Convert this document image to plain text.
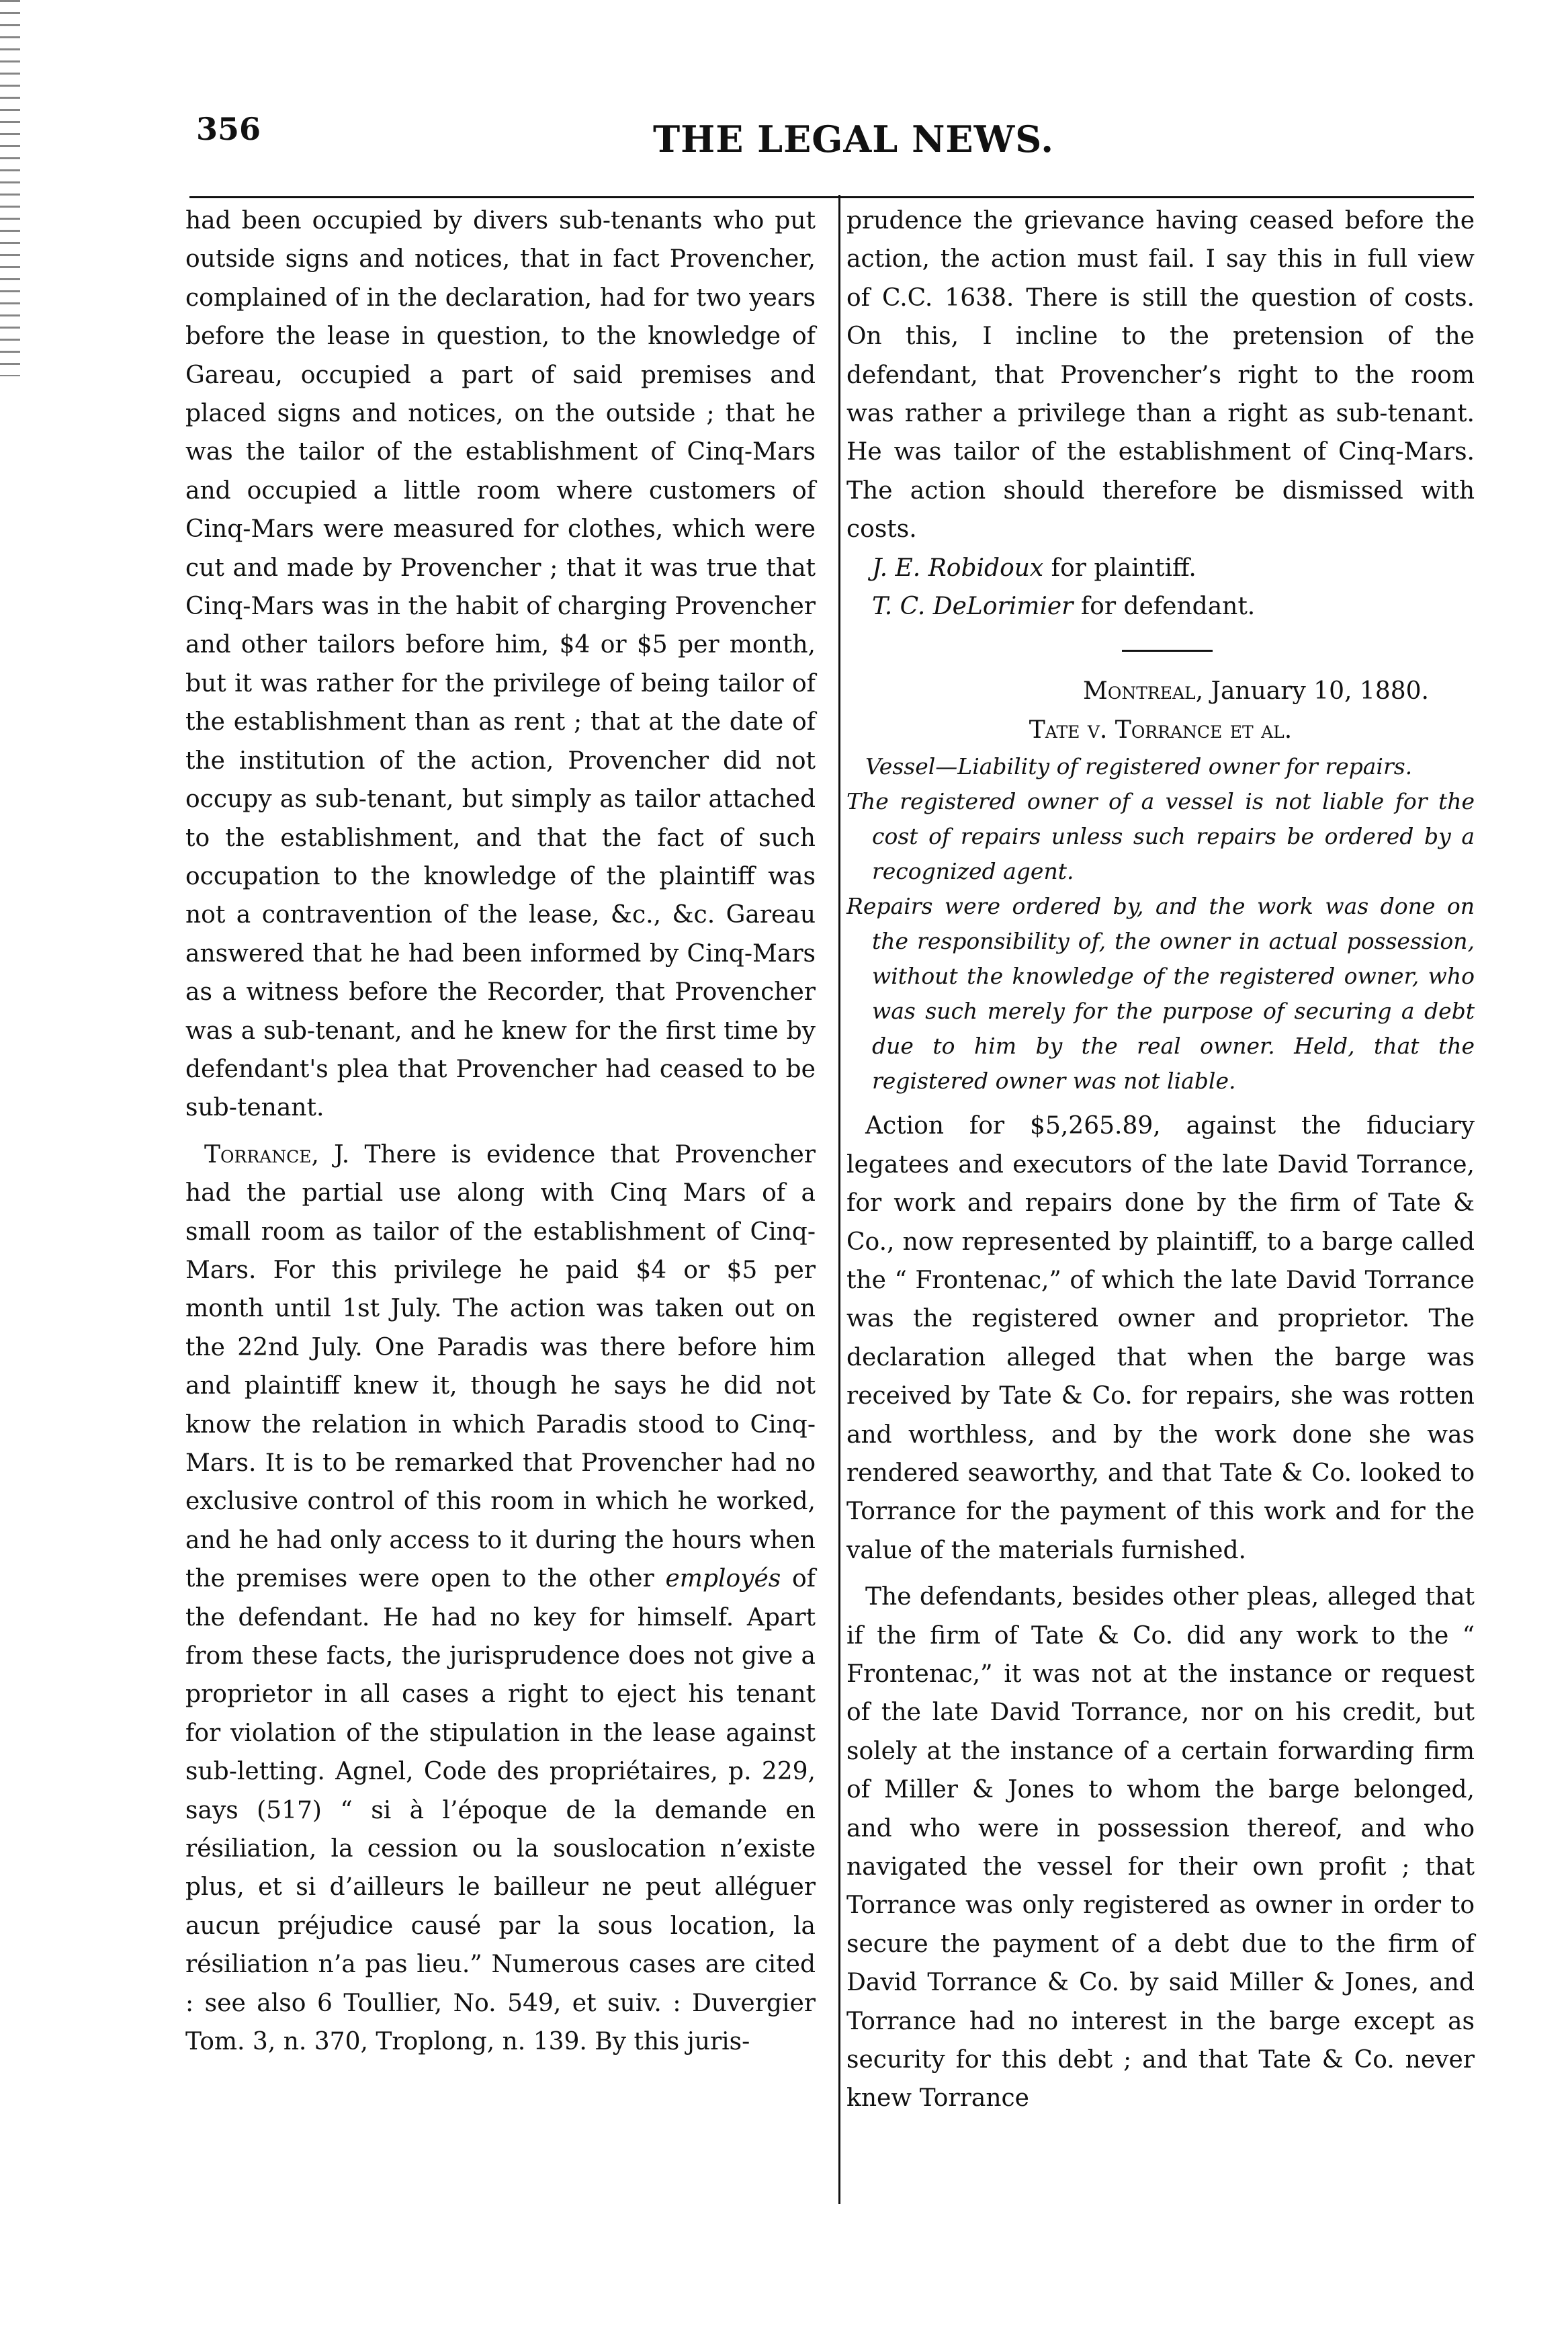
356	THE LEGAL NEWS.

had been occupied by divers sub-tenants who put outside signs and notices, that in fact Provencher, complained of in the declaration, had for two years before the lease in question, to the knowledge of Gareau, occupied a part of said premises and placed signs and notices, on the outside ; that he was the tailor of the establishment of Cinq-Mars and occupied a little room where customers of Cinq-Mars were measured for clothes, which were cut and made by Provencher ; that it was true that Cinq-Mars was in the habit of charging Provencher and other tailors before him, $4 or $5 per month, but it was rather for the privilege of being tailor of the establishment than as rent ; that at the date of the institution of the action, Provencher did not occupy as sub-tenant, but simply as tailor attached to the establishment, and that the fact of such occupation to the knowledge of the plaintiff was not a contravention of the lease, &c., &c. Gareau answered that he had been informed by Cinq-Mars as a witness before the Recorder, that Provencher was a sub-tenant, and he knew for the first time by defendant's plea that Provencher had ceased to be sub-tenant.

Torrance, J. There is evidence that Provencher had the partial use along with Cinq Mars of a small room as tailor of the establishment of Cinq-Mars. For this privilege he paid $4 or $5 per month until 1st July. The action was taken out on the 22nd July. One Paradis was there before him and plaintiff knew it, though he says he did not know the relation in which Paradis stood to Cinq-Mars. It is to be remarked that Provencher had no exclusive control of this room in which he worked, and he had only access to it during the hours when the premises were open to the other employés of the defendant. He had no key for himself. Apart from these facts, the jurisprudence does not give a proprietor in all cases a right to eject his tenant for violation of the stipulation in the lease against sub-letting. Agnel, Code des propriétaires, p. 229, says (517) “ si à l’époque de la demande en résiliation, la cession ou la souslocation n’existe plus, et si d’ailleurs le bailleur ne peut alléguer aucun préjudice causé par la sous location, la résiliation n’a pas lieu.” Numerous cases are cited : see also 6 Toullier, No. 549, et suiv. : Duvergier Tom. 3, n. 370, Troplong, n. 139. By this juris-

prudence the grievance having ceased before the action, the action must fail. I say this in full view of C.C. 1638. There is still the question of costs. On this, I incline to the pretension of the defendant, that Provencher’s right to the room was rather a privilege than a right as sub-tenant. He was tailor of the establishment of Cinq-Mars. The action should therefore be dismissed with costs.

J. E. Robidoux for plaintiff.

T. C. DeLorimier for defendant.

Montreal, January 10, 1880.

Tate v. Torrance et al.

Vessel—Liability of registered owner for repairs.

The registered owner of a vessel is not liable for the cost of repairs unless such repairs be ordered by a recognized agent.

Repairs were ordered by, and the work was done on the responsibility of, the owner in actual possession, without the knowledge of the registered owner, who was such merely for the purpose of securing a debt due to him by the real owner. Held, that the registered owner was not liable.

Action for $5,265.89, against the fiduciary legatees and executors of the late David Torrance, for work and repairs done by the firm of Tate & Co., now represented by plaintiff, to a barge called the “ Frontenac,” of which the late David Torrance was the registered owner and proprietor. The declaration alleged that when the barge was received by Tate & Co. for repairs, she was rotten and worthless, and by the work done she was rendered seaworthy, and that Tate & Co. looked to Torrance for the payment of this work and for the value of the materials furnished.

The defendants, besides other pleas, alleged that if the firm of Tate & Co. did any work to the “ Frontenac,” it was not at the instance or request of the late David Torrance, nor on his credit, but solely at the instance of a certain forwarding firm of Miller & Jones to whom the barge belonged, and who were in possession thereof, and who navigated the vessel for their own profit ; that Torrance was only registered as owner in order to secure the payment of a debt due to the firm of David Torrance & Co. by said Miller & Jones, and Torrance had no interest in the barge except as security for this debt ; and that Tate & Co. never knew Torrance
